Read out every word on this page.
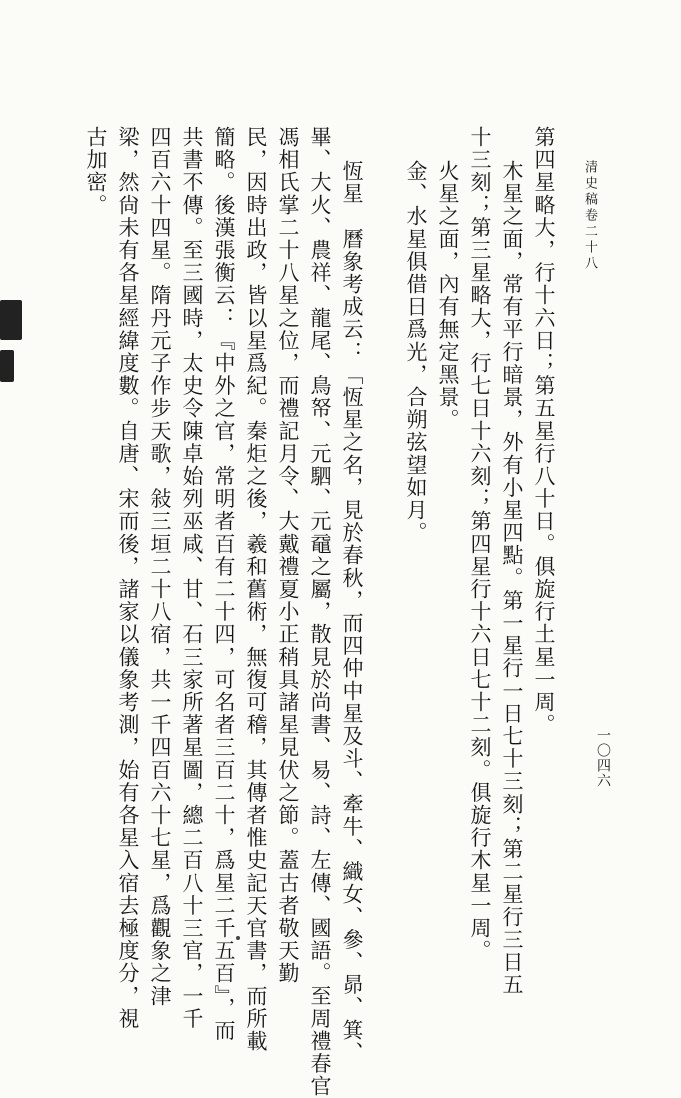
清史稿卷二十八
一〇四六
第四星略大，行十六日；第五星行八十日。俱旋行土星一周。
木星之面，常有平行暗景，外有小星四點。第一星行一日七十三刻；第二星行三日五
十三刻；第三星略大，行七日十六刻；第四星行十六日七十二刻。俱旋行木星一周。
火星之面，內有無定黑景。
金、水星俱借日爲光，合朔弦望如月。
恆星　曆象考成云：「恆星之名，見於春秋，而四仲中星及斗、牽牛、織女、參、昴、箕、
畢、大火、農祥、龍尾、鳥帑、元駟、元黿之屬，散見於尚書、易、詩、左傳、國語。至周禮春官
馮相氏掌二十八星之位，而禮記月令、大戴禮夏小正稍具諸星見伏之節。蓋古者敬天勤
民，因時出政，皆以星爲紀。秦炬之後，羲和舊術，無復可稽，其傳者惟史記天官書，而所載
簡略。後漢張衡云：『中外之官，常明者百有二十四，可名者三百二十，爲星二千五百』，而
共書不傳。至三國時，太史令陳卓始列巫咸、甘、石三家所著星圖，總二百八十三官，一千
四百六十四星。隋丹元子作步天歌，敍三垣二十八宿，共一千四百六十七星，爲觀象之津
梁，然尙未有各星經緯度數。自唐、宋而後，諸家以儀象考測，始有各星入宿去極度分，視
古加密。
